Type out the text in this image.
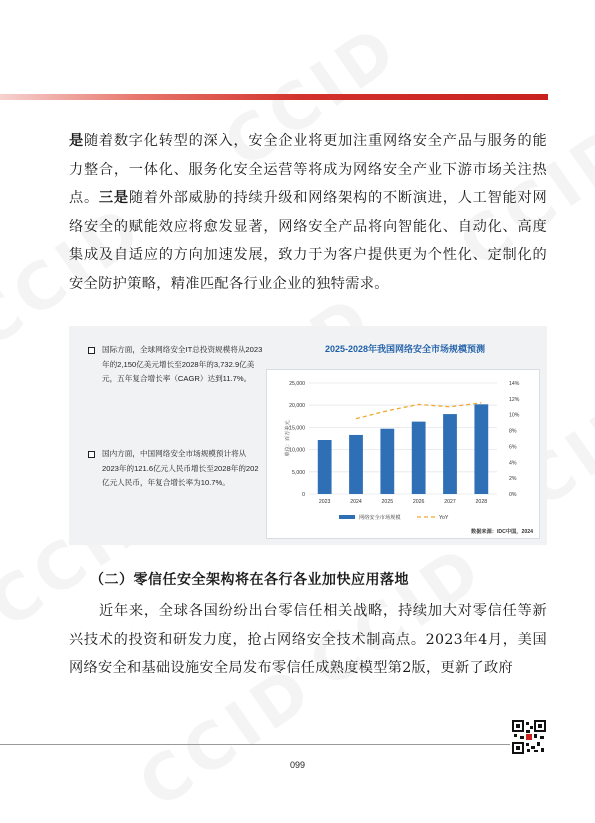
是随着数字化转型的深入，安全企业将更加注重网络安全产品与服务的能力整合，一体化、服务化安全运营等将成为网络安全产业下游市场关注热点。三是随着外部威胁的持续升级和网络架构的不断演进，人工智能对网络安全的赋能效应将愈发显著，网络安全产品将向智能化、自动化、高度集成及自适应的方向加速发展，致力于为客户提供更为个性化、定制化的安全防护策略，精准匹配各行业企业的独特需求。

国际方面，全球网络安全IT总投资规模将从2023年的2,150亿美元增长至2028年的3,732.9亿美元，五年复合增长率（CAGR）达到11.7%。
国内方面，中国网络安全市场规模预计将从2023年的121.6亿元人民币增长至2028年的202亿元人民币，年复合增长率为10.7%。
2025-2028年我国网络安全市场规模预测
0
5,000
10,000
15,000
20,000
25,000
0%
2%
4%
6%
8%
10%
12%
14%
单位：百万美元
2023	2024	2025	2026	2027	2028
网络安全市场规模	YoY
数据来源：IDC中国，2024
（二）零信任安全架构将在各行各业加快应用落地

近年来，全球各国纷纷出台零信任相关战略，持续加大对零信任等新兴技术的投资和研发力度，抢占网络安全技术制高点。2023年4月，美国网络安全和基础设施安全局发布零信任成熟度模型第2版，更新了政府

099
